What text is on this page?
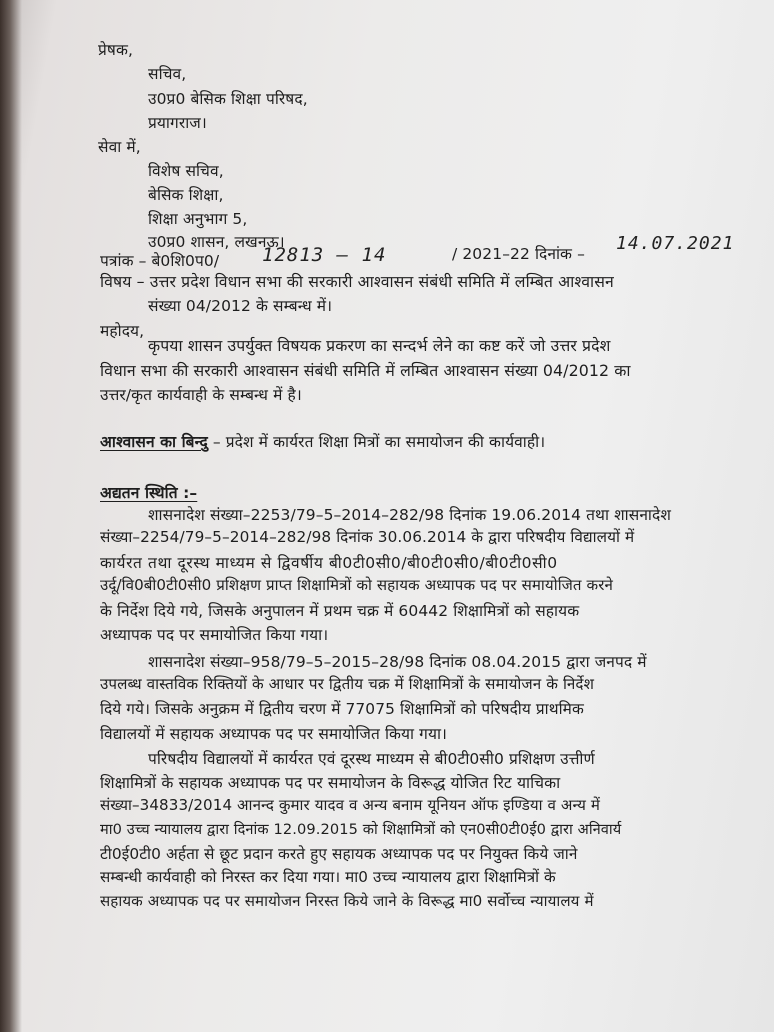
प्रेषक,
सचिव,
उ0प्र0 बेसिक शिक्षा परिषद,
प्रयागराज।
सेवा में,
विशेष सचिव,
बेसिक शिक्षा,
शिक्षा अनुभाग 5,
उ0प्र0 शासन, लखनऊ।
पत्रांक – बे0शि0प0/ 12813 – 14	/ 2021–22 दिनांक – 14.07.2021
विषय – उत्तर प्रदेश विधान सभा की सरकारी आश्वासन संबंधी समिति में लम्बित आश्वासन
संख्या 04/2012 के सम्बन्ध में।
महोदय,
कृपया शासन उपर्युक्त विषयक प्रकरण का सन्दर्भ लेने का कष्ट करें जो उत्तर प्रदेश
विधान सभा की सरकारी आश्वासन संबंधी समिति में लम्बित आश्वासन संख्या 04/2012 का
उत्तर/कृत कार्यवाही के सम्बन्ध में है।
आश्वासन का बिन्दु – प्रदेश में कार्यरत शिक्षा मित्रों का समायोजन की कार्यवाही।
अद्यतन स्थिति :–
शासनादेश संख्या–2253/79–5–2014–282/98 दिनांक 19.06.2014 तथा शासनादेश
संख्या–2254/79–5–2014–282/98 दिनांक 30.06.2014 के द्वारा परिषदीय विद्यालयों में
कार्यरत तथा दूरस्थ माध्यम से द्विवर्षीय बी0टी0सी0/बी0टी0सी0/बी0टी0सी0
उर्दू/वि0बी0टी0सी0 प्रशिक्षण प्राप्त शिक्षामित्रों को सहायक अध्यापक पद पर समायोजित करने
के निर्देश दिये गये, जिसके अनुपालन में प्रथम चक्र में 60442 शिक्षामित्रों को सहायक
अध्यापक पद पर समायोजित किया गया।
शासनादेश संख्या–958/79–5–2015–28/98 दिनांक 08.04.2015 द्वारा जनपद में
उपलब्ध वास्तविक रिक्तियों के आधार पर द्वितीय चक्र में शिक्षामित्रों के समायोजन के निर्देश
दिये गये। जिसके अनुक्रम में द्वितीय चरण में 77075 शिक्षामित्रों को परिषदीय प्राथमिक
विद्यालयों में सहायक अध्यापक पद पर समायोजित किया गया।
परिषदीय विद्यालयों में कार्यरत एवं दूरस्थ माध्यम से बी0टी0सी0 प्रशिक्षण उत्तीर्ण
शिक्षामित्रों के सहायक अध्यापक पद पर समायोजन के विरूद्ध योजित रिट याचिका
संख्या–34833/2014 आनन्द कुमार यादव व अन्य बनाम यूनियन ऑफ इण्डिया व अन्य में
मा0 उच्च न्यायालय द्वारा दिनांक 12.09.2015 को शिक्षामित्रों को एन0सी0टी0ई0 द्वारा अनिवार्य
टी0ई0टी0 अर्हता से छूट प्रदान करते हुए सहायक अध्यापक पद पर नियुक्त किये जाने
सम्बन्धी कार्यवाही को निरस्त कर दिया गया। मा0 उच्च न्यायालय द्वारा शिक्षामित्रों के
सहायक अध्यापक पद पर समायोजन निरस्त किये जाने के विरूद्ध मा0 सर्वोच्च न्यायालय में
